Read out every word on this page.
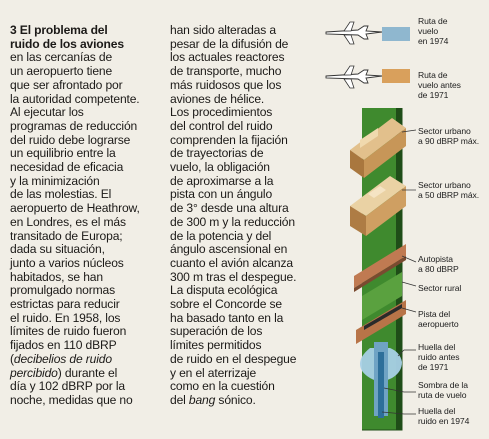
3 El problema del
ruido de los aviones
en las cercanías de
un aeropuerto tiene
que ser afrontado por
la autoridad competente.
Al ejecutar los
programas de reducción
del ruido debe lograrse
un equilibrio entre la
necesidad de eficacia
y la minimización
de las molestias. El
aeropuerto de Heathrow,
en Londres, es el más
transitado de Europa;
dada su situación,
junto a varios núcleos
habitados, se han
promulgado normas
estrictas para reducir
el ruido. En 1958, los
límites de ruido fueron
fijados en 110 dBRP
(decibelios de ruido
percibido) durante el
día y 102 dBRP por la
noche, medidas que no
han sido alteradas a
pesar de la difusión de
los actuales reactores
de transporte, mucho
más ruidosos que los
aviones de hélice.
Los procedimientos
del control del ruido
comprenden la fijación
de trayectorias de
vuelo, la obligación
de aproximarse a la
pista con un ángulo
de 3° desde una altura
de 300 m y la reducción
de la potencia y del
ángulo ascensional en
cuanto el avión alcanza
300 m tras el despegue.
La disputa ecológica
sobre el Concorde se
ha basado tanto en la
superación de los
límites permitidos
de ruido en el despegue
y en el aterrizaje
como en la cuestión
del bang sónico.
Ruta de
vuelo
en 1974
Ruta de
vuelo antes
de 1971
Sector urbano
a 90 dBRP máx.
Sector urbano
a 50 dBRP máx.
Autopista
a 80 dBRP
Sector rural
Pista del
aeropuerto
Huella del
ruido antes
de 1971
Sombra de la
ruta de vuelo
Huella del
ruido en 1974
